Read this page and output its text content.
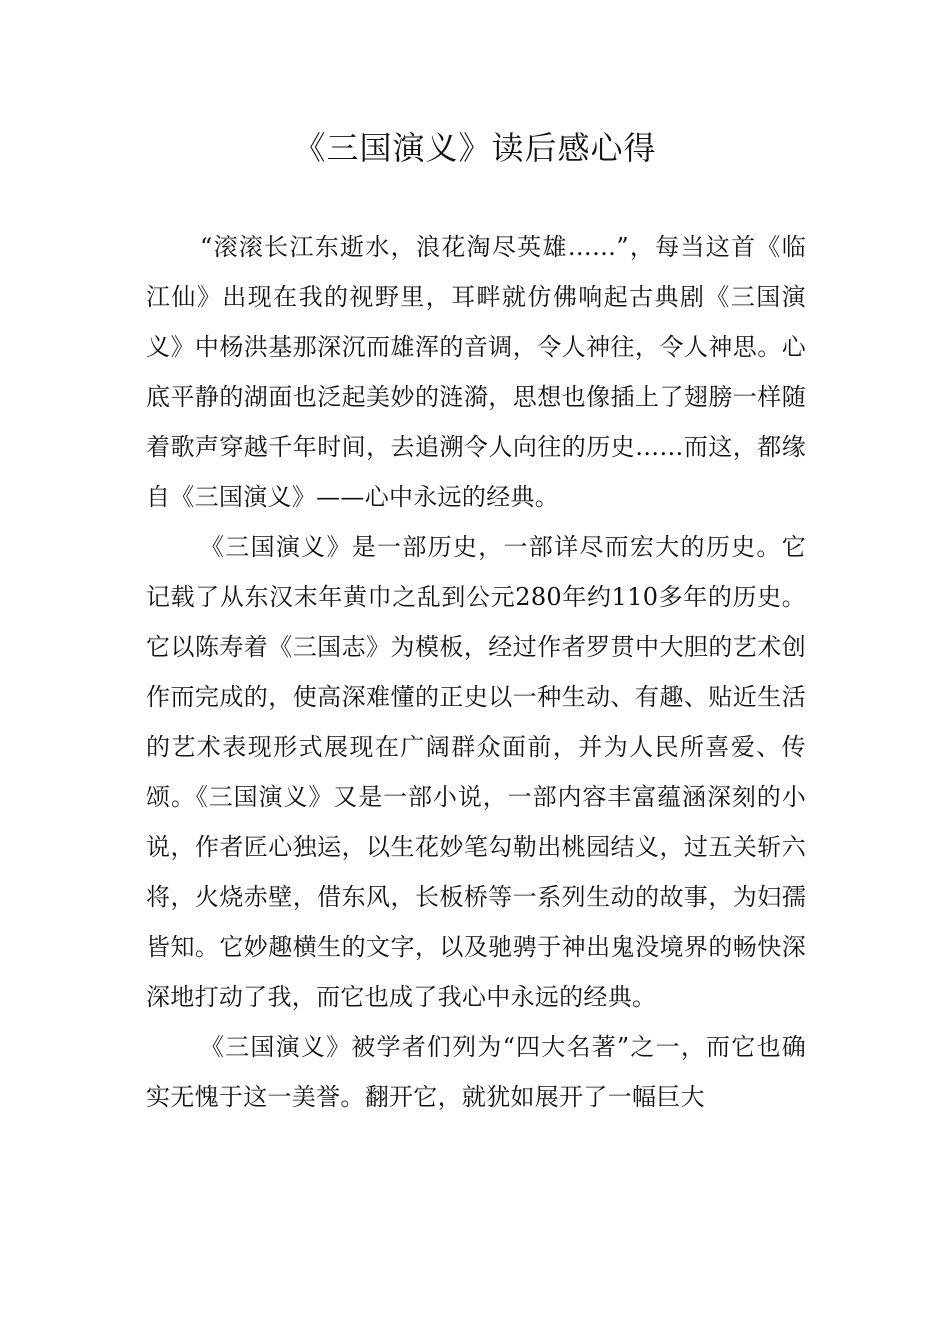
《三国演义》读后感心得

“滚滚长江东逝水，浪花淘尽英雄……”，每当这首《临江仙》出现在我的视野里，耳畔就仿佛响起古典剧《三国演义》中杨洪基那深沉而雄浑的音调，令人神往，令人神思。心底平静的湖面也泛起美妙的涟漪，思想也像插上了翅膀一样随着歌声穿越千年时间，去追溯令人向往的历史……而这，都缘自《三国演义》——心中永远的经典。

《三国演义》是一部历史，一部详尽而宏大的历史。它记载了从东汉末年黄巾之乱到公元280年约110多年的历史。它以陈寿着《三国志》为模板，经过作者罗贯中大胆的艺术创作而完成的，使高深难懂的正史以一种生动、有趣、贴近生活的艺术表现形式展现在广阔群众面前，并为人民所喜爱、传颂。《三国演义》又是一部小说，一部内容丰富蕴涵深刻的小说，作者匠心独运，以生花妙笔勾勒出桃园结义，过五关斩六将，火烧赤壁，借东风，长板桥等一系列生动的故事，为妇孺皆知。它妙趣横生的文字，以及驰骋于神出鬼没境界的畅快深深地打动了我，而它也成了我心中永远的经典。

《三国演义》被学者们列为“四大名著”之一，而它也确实无愧于这一美誉。翻开它，就犹如展开了一幅巨大
